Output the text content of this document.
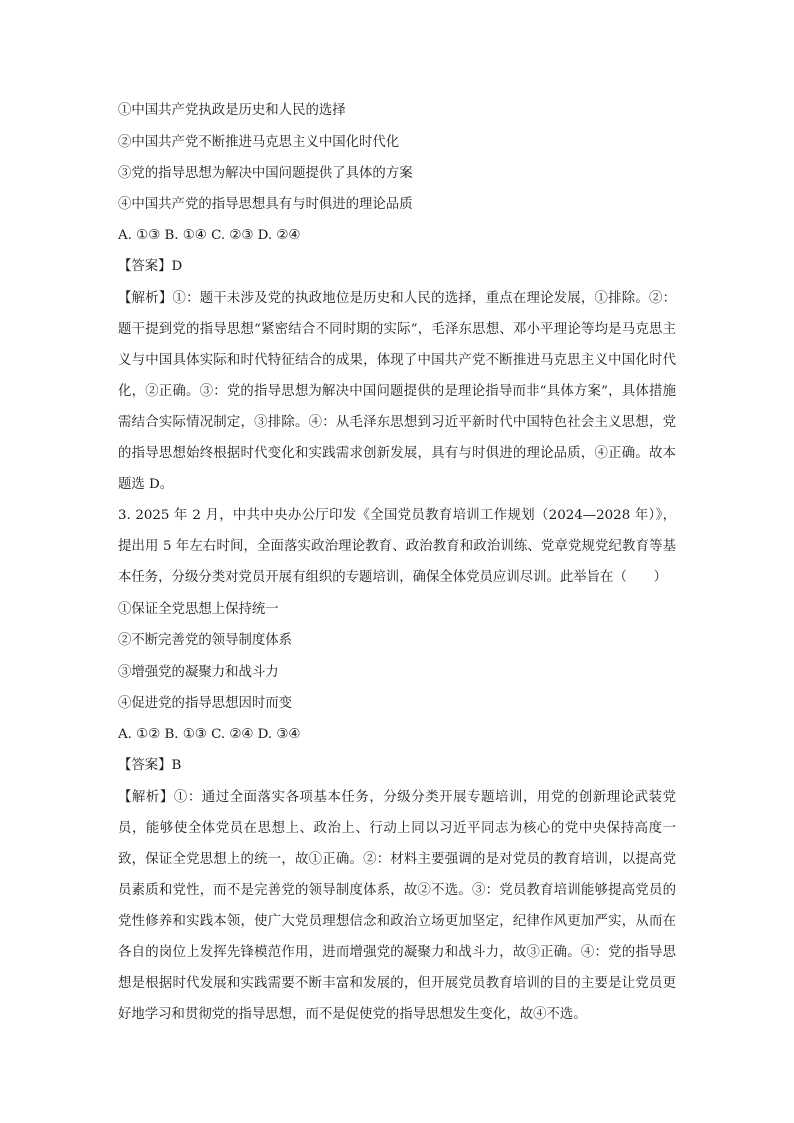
①中国共产党执政是历史和人民的选择
②中国共产党不断推进马克思主义中国化时代化
③党的指导思想为解决中国问题提供了具体的方案
④中国共产党的指导思想具有与时俱进的理论品质
A. ①③ B. ①④ C. ②③ D. ②④
【答案】D
【解析】①：题干未涉及党的执政地位是历史和人民的选择，重点在理论发展，①排除。②：题干提到党的指导思想“紧密结合不同时期的实际”，毛泽东思想、邓小平理论等均是马克思主义与中国具体实际和时代特征结合的成果，体现了中国共产党不断推进马克思主义中国化时代化，②正确。③：党的指导思想为解决中国问题提供的是理论指导而非“具体方案”，具体措施需结合实际情况制定，③排除。④：从毛泽东思想到习近平新时代中国特色社会主义思想，党的指导思想始终根据时代变化和实践需求创新发展，具有与时俱进的理论品质，④正确。故本题选 D。
3. 2025 年 2 月，中共中央办公厅印发《全国党员教育培训工作规划（2024—2028 年）》，提出用 5 年左右时间，全面落实政治理论教育、政治教育和政治训练、党章党规党纪教育等基本任务，分级分类对党员开展有组织的专题培训，确保全体党员应训尽训。此举旨在（　　）
①保证全党思想上保持统一
②不断完善党的领导制度体系
③增强党的凝聚力和战斗力
④促进党的指导思想因时而变
A. ①② B. ①③ C. ②④ D. ③④
【答案】B
【解析】①：通过全面落实各项基本任务，分级分类开展专题培训，用党的创新理论武装党员，能够使全体党员在思想上、政治上、行动上同以习近平同志为核心的党中央保持高度一致，保证全党思想上的统一，故①正确。②：材料主要强调的是对党员的教育培训，以提高党员素质和党性，而不是完善党的领导制度体系，故②不选。③：党员教育培训能够提高党员的党性修养和实践本领，使广大党员理想信念和政治立场更加坚定，纪律作风更加严实，从而在各自的岗位上发挥先锋模范作用，进而增强党的凝聚力和战斗力，故③正确。④：党的指导思想是根据时代发展和实践需要不断丰富和发展的，但开展党员教育培训的目的主要是让党员更好地学习和贯彻党的指导思想，而不是促使党的指导思想发生变化，故④不选。
